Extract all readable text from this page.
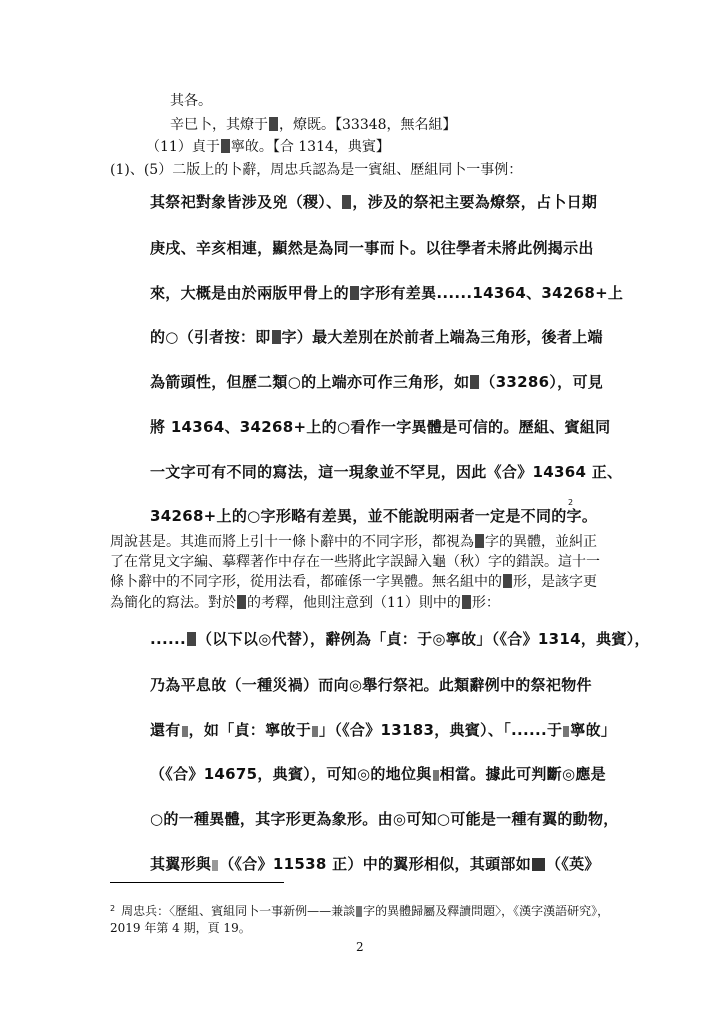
其各。
辛巳卜，其燎于 ，燎既。【33348，無名組】
（11）貞于 寧敀。【合 1314，典賓】
(1)、(5）二版上的卜辭，周忠兵認為是一賓組、歷組同卜一事例：
其祭祀對象皆涉及兇（稷）、 ，涉及的祭祀主要為燎祭，占卜日期
庚戌、辛亥相連，顯然是為同一事而卜。以往學者未將此例揭示出
來，大概是由於兩版甲骨上的 字形有差異......14364、34268+上
的○（引者按：即 字）最大差別在於前者上端為三角形，後者上端
為箭頭性，但歷二類○的上端亦可作三角形，如 （33286），可見
將 14364、34268+上的○看作一字異體是可信的。歷組、賓組同
一文字可有不同的寫法，這一現象並不罕見，因此《合》14364 正、
34268+上的○字形略有差異，並不能說明兩者一定是不同的字。
2
周說甚是。其進而將上引十一條卜辭中的不同字形，都視為 字的異體，並糾正
了在常見文字編、摹釋著作中存在一些將此字誤歸入龜（秋）字的錯誤。這十一
條卜辭中的不同字形，從用法看，都確係一字異體。無名組中的 形，是該字更
為簡化的寫法。對於 的考釋，他則注意到（11）則中的 形：
...... （以下以◎代替），辭例為「貞：于◎寧敀」（《合》1314，典賓），
乃為平息敀（一種災禍）而向◎舉行祭祀。此類辭例中的祭祀物件
還有 ，如「貞：寧敀于 」（《合》13183，典賓）、「......于 寧敀」
（《合》14675，典賓），可知◎的地位與 相當。據此可判斷◎應是
○的一種異體，其字形更為象形。由◎可知○可能是一種有翼的動物，
其翼形與 （《合》11538 正）中的翼形相似，其頭部如 （《英》
$^2$ 周忠兵：〈歷組、賓組同卜一事新例——兼談 字的異體歸屬及釋讀問題〉，《漢字漢語研究》，
2019 年第 4 期，頁 19。
2
